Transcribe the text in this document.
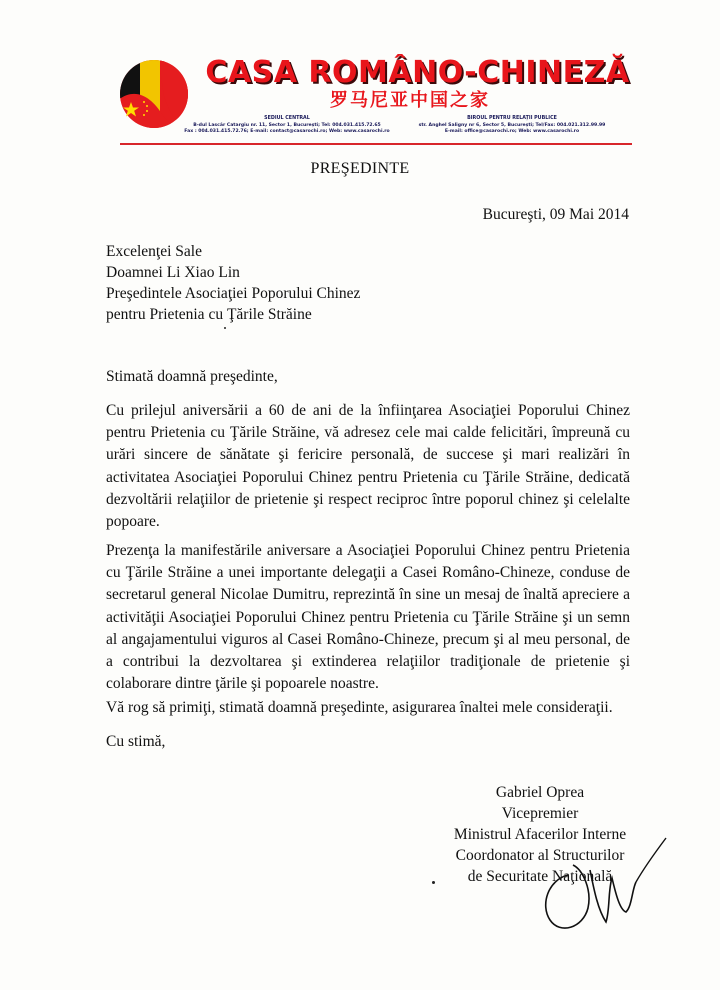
CASA ROMÂNO-CHINEZĂ
罗马尼亚中国之家
SEDIUL CENTRAL
B-dul Lascăr Catargiu nr. 11, Sector 1, București; Tel: 004.031.415.72.65
Fax : 004.031.415.72.76; E-mail: contact@casarochi.ro; Web: www.casarochi.ro
BIROUL PENTRU RELAȚII PUBLICE
str. Anghel Saligny nr 6, Sector 5, București; Tel/Fax: 004.021.312.99.99
E-mail: office@casarochi.ro; Web: www.casarochi.ro
PREŞEDINTE
Bucureşti, 09 Mai 2014
Excelenţei Sale
Doamnei Li Xiao Lin
Preşedintele Asociaţiei Poporului Chinez
pentru Prietenia cu Ţările Străine
Stimată doamnă preşedinte,
Cu prilejul aniversării a 60 de ani de la înfiinţarea Asociaţiei Poporului Chinez pentru Prietenia cu Ţările Străine, vă adresez cele mai calde felicitări, împreună cu urări sincere de sănătate şi fericire personală, de succese şi mari realizări în activitatea Asociaţiei Poporului Chinez pentru Prietenia cu Ţările Străine, dedicată dezvoltării relaţiilor de prietenie şi respect reciproc între poporul chinez şi celelalte popoare.
Prezenţa la manifestările aniversare a Asociaţiei Poporului Chinez pentru Prietenia cu Ţările Străine a unei importante delegaţii a Casei Româno-Chineze, conduse de secretarul general Nicolae Dumitru, reprezintă în sine un mesaj de înaltă apreciere a activităţii Asociaţiei Poporului Chinez pentru Prietenia cu Ţările Străine şi un semn al angajamentului viguros al Casei Româno-Chineze, precum şi al meu personal, de a contribui la dezvoltarea şi extinderea relaţiilor tradiţionale de prietenie şi colaborare dintre ţările şi popoarele noastre.
Vă rog să primiţi, stimată doamnă preşedinte, asigurarea înaltei mele consideraţii.
Cu stimă,
Gabriel Oprea
Vicepremier
Ministrul Afacerilor Interne
Coordonator al Structurilor
de Securitate Naţională
